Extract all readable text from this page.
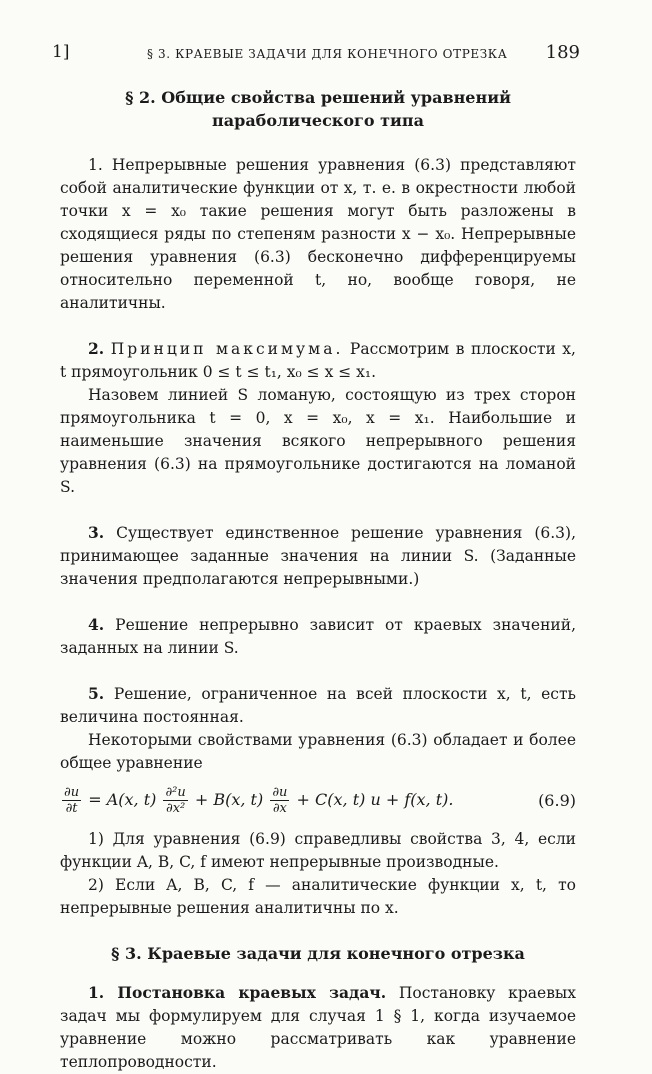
1]	§ 3. КРАЕВЫЕ ЗАДАЧИ ДЛЯ КОНЕЧНОГО ОТРЕЗКА 189
§ 2. Общие свойства решений уравнений
параболического типа

1. Непрерывные решения уравнения (6.3) представляют собой аналитические функции от x, т. е. в окрестности любой точки x = x₀ такие решения могут быть разложены в сходящиеся ряды по степеням разности x − x₀. Непрерывные решения уравнения (6.3) бесконечно дифференцируемы относительно переменной t, но, вообще говоря, не аналитичны.

2. Принцип максимума. Рассмотрим в плоскости x, t прямоугольник 0 ≤ t ≤ t₁, x₀ ≤ x ≤ x₁.

Назовем линией S ломаную, состоящую из трех сторон прямоугольника t = 0, x = x₀, x = x₁. Наибольшие и наименьшие значения всякого непрерывного решения уравнения (6.3) на прямоугольнике достигаются на ломаной S.

3. Существует единственное решение уравнения (6.3), принимающее заданные значения на линии S. (Заданные значения предполагаются непрерывными.)

4. Решение непрерывно зависит от краевых значений, заданных на линии S.

5. Решение, ограниченное на всей плоскости x, t, есть величина постоянная.

Некоторыми свойствами уравнения (6.3) обладает и более общее уравнение

$\frac{\partial u}{\partial t} = A(x$, $t) \frac{\text{∂²u}}{\text{∂x²}} + B(x$, $t) \frac{\partial u}{\partial x} + C(x$, t) u + f(x, t).	(6.9)

1) Для уравнения (6.9) справедливы свойства 3, 4, если функции A, B, C, f имеют непрерывные производные.

2) Если A, B, C, f — аналитические функции x, t, то непрерывные решения аналитичны по x.

§ 3. Краевые задачи для конечного отрезка

1. Постановка краевых задач. Постановку краевых задач мы формулируем для случая 1 § 1, когда изучаемое уравнение можно рассматривать как уравнение теплопроводности.
